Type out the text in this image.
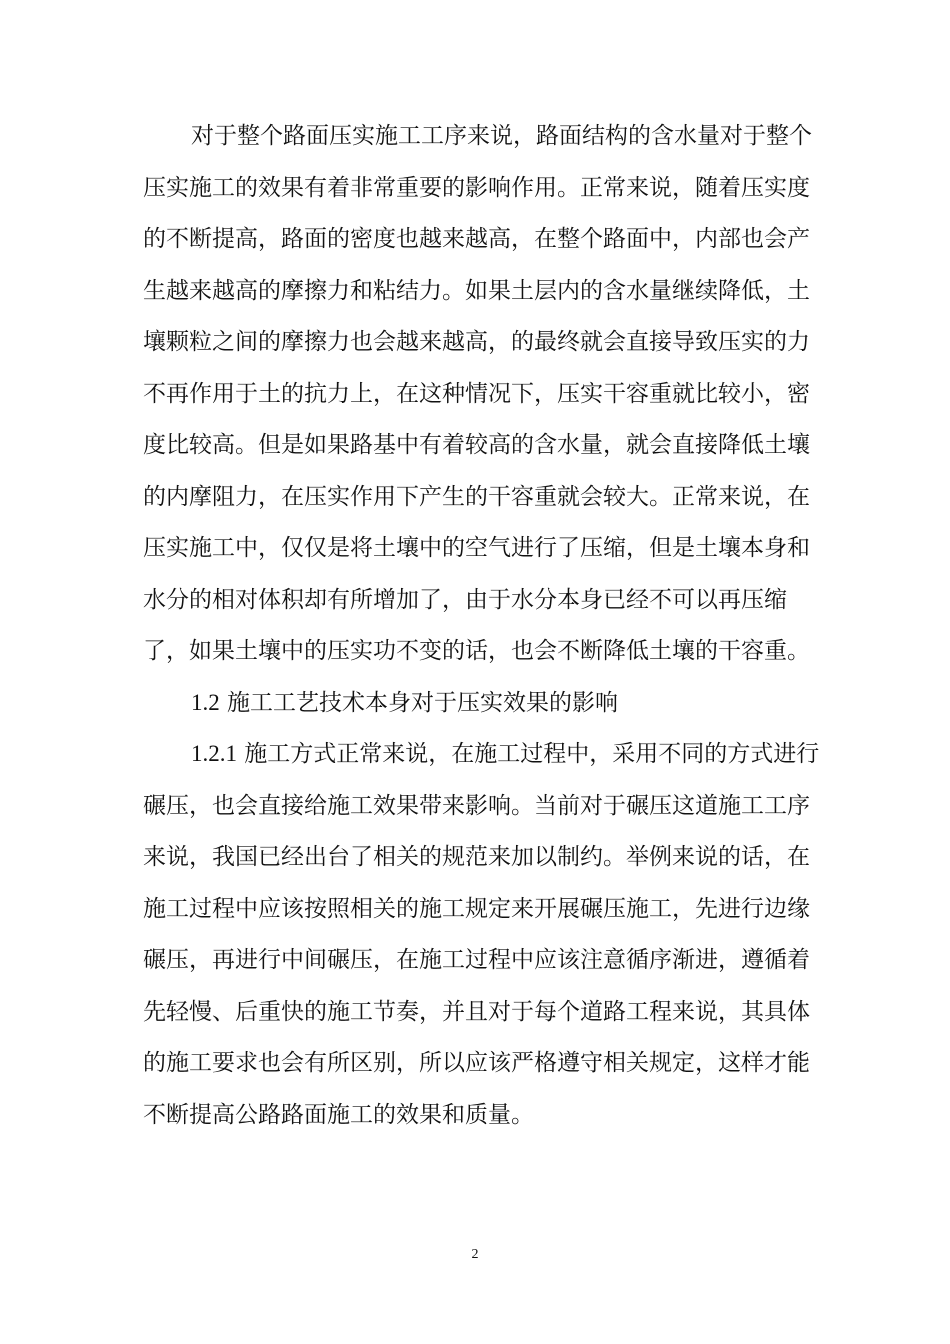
对于整个路面压实施工工序来说，路面结构的含水量对于整个
压实施工的效果有着非常重要的影响作用。正常来说，随着压实度
的不断提高，路面的密度也越来越高，在整个路面中，内部也会产
生越来越高的摩擦力和粘结力。如果土层内的含水量继续降低，土
壤颗粒之间的摩擦力也会越来越高，的最终就会直接导致压实的力
不再作用于土的抗力上，在这种情况下，压实干容重就比较小，密
度比较高。但是如果路基中有着较高的含水量，就会直接降低土壤
的内摩阻力，在压实作用下产生的干容重就会较大。正常来说，在
压实施工中，仅仅是将土壤中的空气进行了压缩，但是土壤本身和
水分的相对体积却有所增加了，由于水分本身已经不可以再压缩
了，如果土壤中的压实功不变的话，也会不断降低土壤的干容重。
1.2 施工工艺技术本身对于压实效果的影响
1.2.1 施工方式正常来说，在施工过程中，采用不同的方式进行
碾压，也会直接给施工效果带来影响。当前对于碾压这道施工工序
来说，我国已经出台了相关的规范来加以制约。举例来说的话，在
施工过程中应该按照相关的施工规定来开展碾压施工，先进行边缘
碾压，再进行中间碾压，在施工过程中应该注意循序渐进，遵循着
先轻慢、后重快的施工节奏，并且对于每个道路工程来说，其具体
的施工要求也会有所区别，所以应该严格遵守相关规定，这样才能
不断提高公路路面施工的效果和质量。
2
